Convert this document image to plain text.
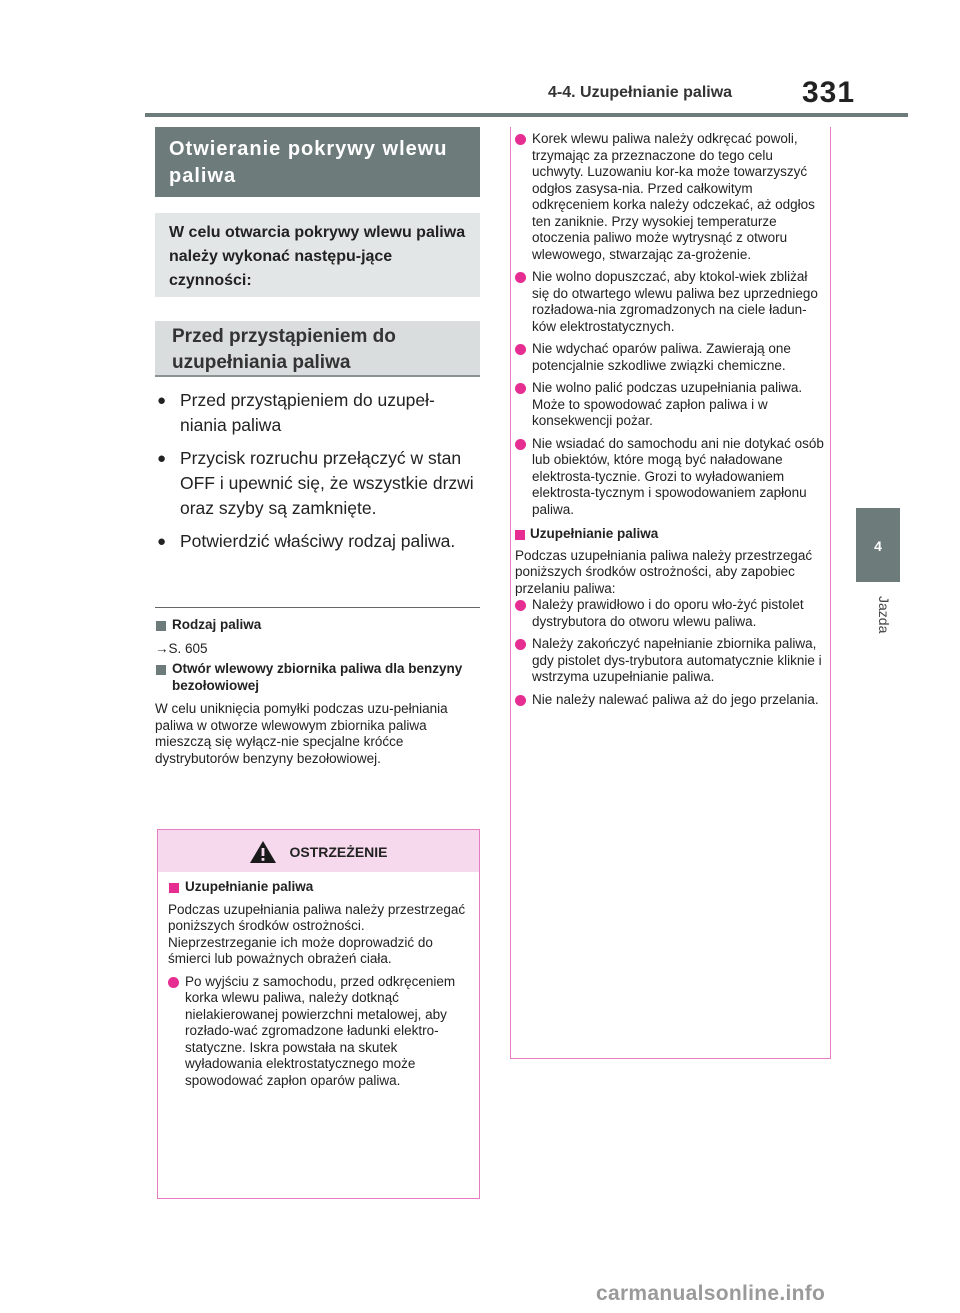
4-4. Uzupełnianie paliwa 331
4
Jazda
Otwieranie pokrywy wlewu paliwa
W celu otwarcia pokrywy wlewu paliwa należy wykonać następu-jące czynności:
Przed przystąpieniem do uzupełniania paliwa
● Przed przystąpieniem do uzupeł-niania paliwa
● Przycisk rozruchu przełączyć w stan OFF i upewnić się, że wszystkie drzwi oraz szyby są zamknięte.
● Potwierdzić właściwy rodzaj paliwa.
Rodzaj paliwa
→S. 605
Otwór wlewowy zbiornika paliwa dla benzyny bezołowiowej
W celu uniknięcia pomyłki podczas uzu-pełniania paliwa w otworze wlewowym zbiornika paliwa mieszczą się wyłącz-nie specjalne króćce dystrybutorów benzyny bezołowiowej.
OSTRZEŻENIE
Uzupełnianie paliwa
Podczas uzupełniania paliwa należy przestrzegać poniższych środków ostrożności. Nieprzestrzeganie ich może doprowadzić do śmierci lub poważnych obrażeń ciała.
Po wyjściu z samochodu, przed odkręceniem korka wlewu paliwa, należy dotknąć nielakierowanej powierzchni metalowej, aby rozłado-wać zgromadzone ładunki elektro-statyczne. Iskra powstała na skutek wyładowania elektrostatycznego może spowodować zapłon oparów paliwa.
Korek wlewu paliwa należy odkręcać powoli, trzymając za przeznaczone do tego celu uchwyty. Luzowaniu kor-ka może towarzyszyć odgłos zasysa-nia. Przed całkowitym odkręceniem korka należy odczekać, aż odgłos ten zaniknie. Przy wysokiej temperaturze otoczenia paliwo może wytrysnąć z otworu wlewowego, stwarzając za-grożenie.
Nie wolno dopuszczać, aby ktokol-wiek zbliżał się do otwartego wlewu paliwa bez uprzedniego rozładowa-nia zgromadzonych na ciele ładun-ków elektrostatycznych.
Nie wdychać oparów paliwa. Zawierają one potencjalnie szkodliwe związki chemiczne.
Nie wolno palić podczas uzupełniania paliwa. Może to spowodować zapłon paliwa i w konsekwencji pożar.
Nie wsiadać do samochodu ani nie dotykać osób lub obiektów, które mogą być naładowane elektrosta-tycznie. Grozi to wyładowaniem elektrosta-tycznym i spowodowaniem zapłonu paliwa.
Uzupełnianie paliwa
Podczas uzupełniania paliwa należy przestrzegać poniższych środków ostrożności, aby zapobiec przelaniu paliwa:
Należy prawidłowo i do oporu wło-żyć pistolet dystrybutora do otworu wlewu paliwa.
Należy zakończyć napełnianie zbiornika paliwa, gdy pistolet dys-trybutora automatycznie kliknie i wstrzyma uzupełnianie paliwa.
Nie należy nalewać paliwa aż do jego przelania.
carmanualsonline.info
